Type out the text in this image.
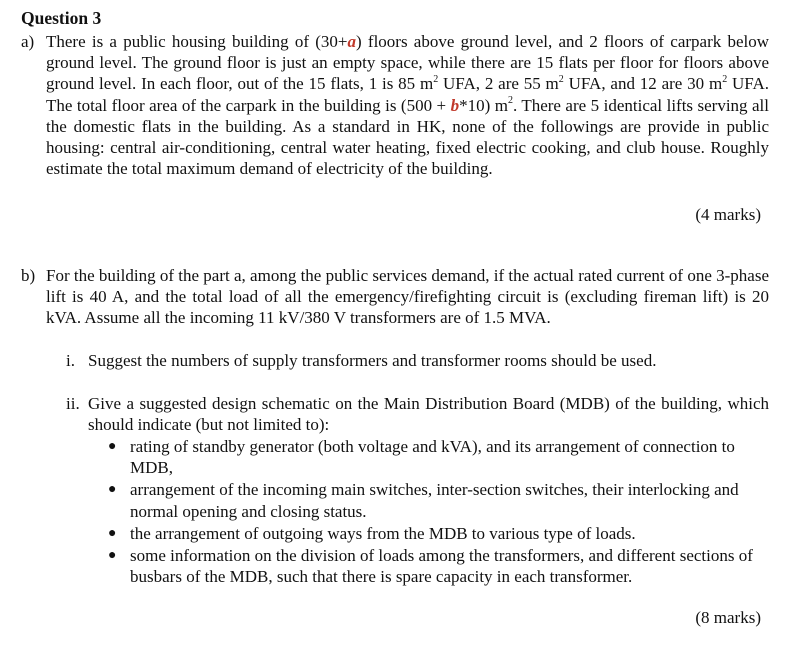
Question 3
a) There is a public housing building of (30+a) floors above ground level, and 2 floors of carpark below ground level. The ground floor is just an empty space, while there are 15 flats per floor for floors above ground level. In each floor, out of the 15 flats, 1 is 85 $m^2$ UFA, 2 are 55 $m^2$ UFA, and 12 are 30 $m^2$ UFA. The total floor area of the carpark in the building is (500 + b*10) $m^2$. There are 5 identical lifts serving all the domestic flats in the building. As a standard in HK, none of the followings are provide in public housing: central air-conditioning, central water heating, fixed electric cooking, and club house. Roughly estimate the total maximum demand of electricity of the building.
(4 marks)
b) For the building of the part a, among the public services demand, if the actual rated current of one 3-phase lift is 40 A, and the total load of all the emergency/firefighting circuit is (excluding fireman lift) is 20 kVA. Assume all the incoming 11 kV/380 V transformers are of 1.5 MVA.
i. Suggest the numbers of supply transformers and transformer rooms should be used.
ii. Give a suggested design schematic on the Main Distribution Board (MDB) of the building, which should indicate (but not limited to):
● rating of standby generator (both voltage and kVA), and its arrangement of connection to MDB,
● arrangement of the incoming main switches, inter-section switches, their interlocking and normal opening and closing status.
● the arrangement of outgoing ways from the MDB to various type of loads.
● some information on the division of loads among the transformers, and different sections of busbars of the MDB, such that there is spare capacity in each transformer.
(8 marks)
